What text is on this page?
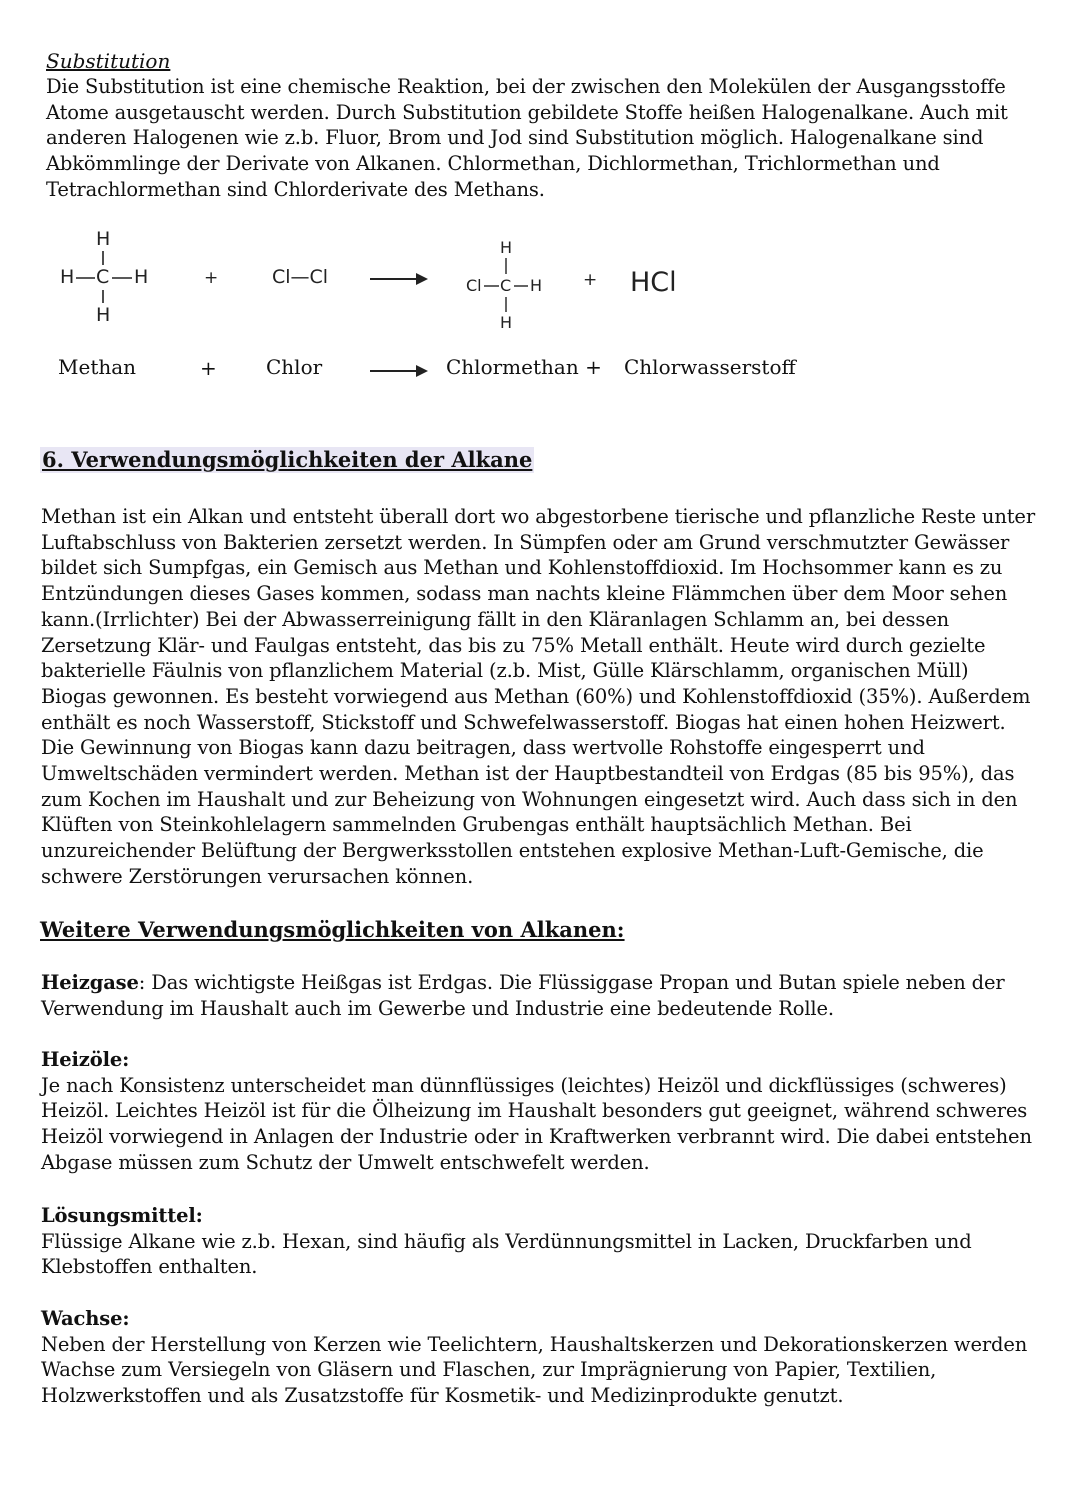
Substitution

Die Substitution ist eine chemische Reaktion, bei der zwischen den Molekülen der Ausgangsstoffe Atome ausgetauscht werden. Durch Substitution gebildete Stoffe heißen Halogenalkane. Auch mit anderen Halogenen wie z.b. Fluor, Brom und Jod sind Substitution möglich. Halogenalkane sind Abkömmlinge der Derivate von Alkanen. Chlormethan, Dichlormethan, Trichlormethan und Tetrachlormethan sind Chlorderivate des Methans.

H
H C H
H
+	Cl—Cl
H
Cl C H
H
+ HCl
Methan	+ Chlor	Chlormethan + Chlorwasserstoff
6. Verwendungsmöglichkeiten der Alkane

Methan ist ein Alkan und entsteht überall dort wo abgestorbene tierische und pflanzliche Reste unter Luftabschluss von Bakterien zersetzt werden. In Sümpfen oder am Grund verschmutzter Gewässer bildet sich Sumpfgas, ein Gemisch aus Methan und Kohlenstoffdioxid. Im Hochsommer kann es zu Entzündungen dieses Gases kommen, sodass man nachts kleine Flämmchen über dem Moor sehen kann.(Irrlichter) Bei der Abwasserreinigung fällt in den Kläranlagen Schlamm an, bei dessen Zersetzung Klär- und Faulgas entsteht, das bis zu 75% Metall enthält. Heute wird durch gezielte bakterielle Fäulnis von pflanzlichem Material (z.b. Mist, Gülle Klärschlamm, organischen Müll) Biogas gewonnen. Es besteht vorwiegend aus Methan (60%) und Kohlenstoffdioxid (35%). Außerdem enthält es noch Wasserstoff, Stickstoff und Schwefelwasserstoff. Biogas hat einen hohen Heizwert. Die Gewinnung von Biogas kann dazu beitragen, dass wertvolle Rohstoffe eingesperrt und Umweltschäden vermindert werden. Methan ist der Hauptbestandteil von Erdgas (85 bis 95%), das zum Kochen im Haushalt und zur Beheizung von Wohnungen eingesetzt wird. Auch dass sich in den Klüften von Steinkohlelagern sammelnden Grubengas enthält hauptsächlich Methan. Bei unzureichender Belüftung der Bergwerksstollen entstehen explosive Methan-Luft-Gemische, die schwere Zerstörungen verursachen können.

Weitere Verwendungsmöglichkeiten von Alkanen:

Heizgase: Das wichtigste Heißgas ist Erdgas. Die Flüssiggase Propan und Butan spiele neben der Verwendung im Haushalt auch im Gewerbe und Industrie eine bedeutende Rolle.

Heizöle:

Je nach Konsistenz unterscheidet man dünnflüssiges (leichtes) Heizöl und dickflüssiges (schweres) Heizöl. Leichtes Heizöl ist für die Ölheizung im Haushalt besonders gut geeignet, während schweres Heizöl vorwiegend in Anlagen der Industrie oder in Kraftwerken verbrannt wird. Die dabei entstehen Abgase müssen zum Schutz der Umwelt entschwefelt werden.

Lösungsmittel:

Flüssige Alkane wie z.b. Hexan, sind häufig als Verdünnungsmittel in Lacken, Druckfarben und Klebstoffen enthalten.

Wachse:

Neben der Herstellung von Kerzen wie Teelichtern, Haushaltskerzen und Dekorationskerzen werden Wachse zum Versiegeln von Gläsern und Flaschen, zur Imprägnierung von Papier, Textilien, Holzwerkstoffen und als Zusatzstoffe für Kosmetik- und Medizinprodukte genutzt.
